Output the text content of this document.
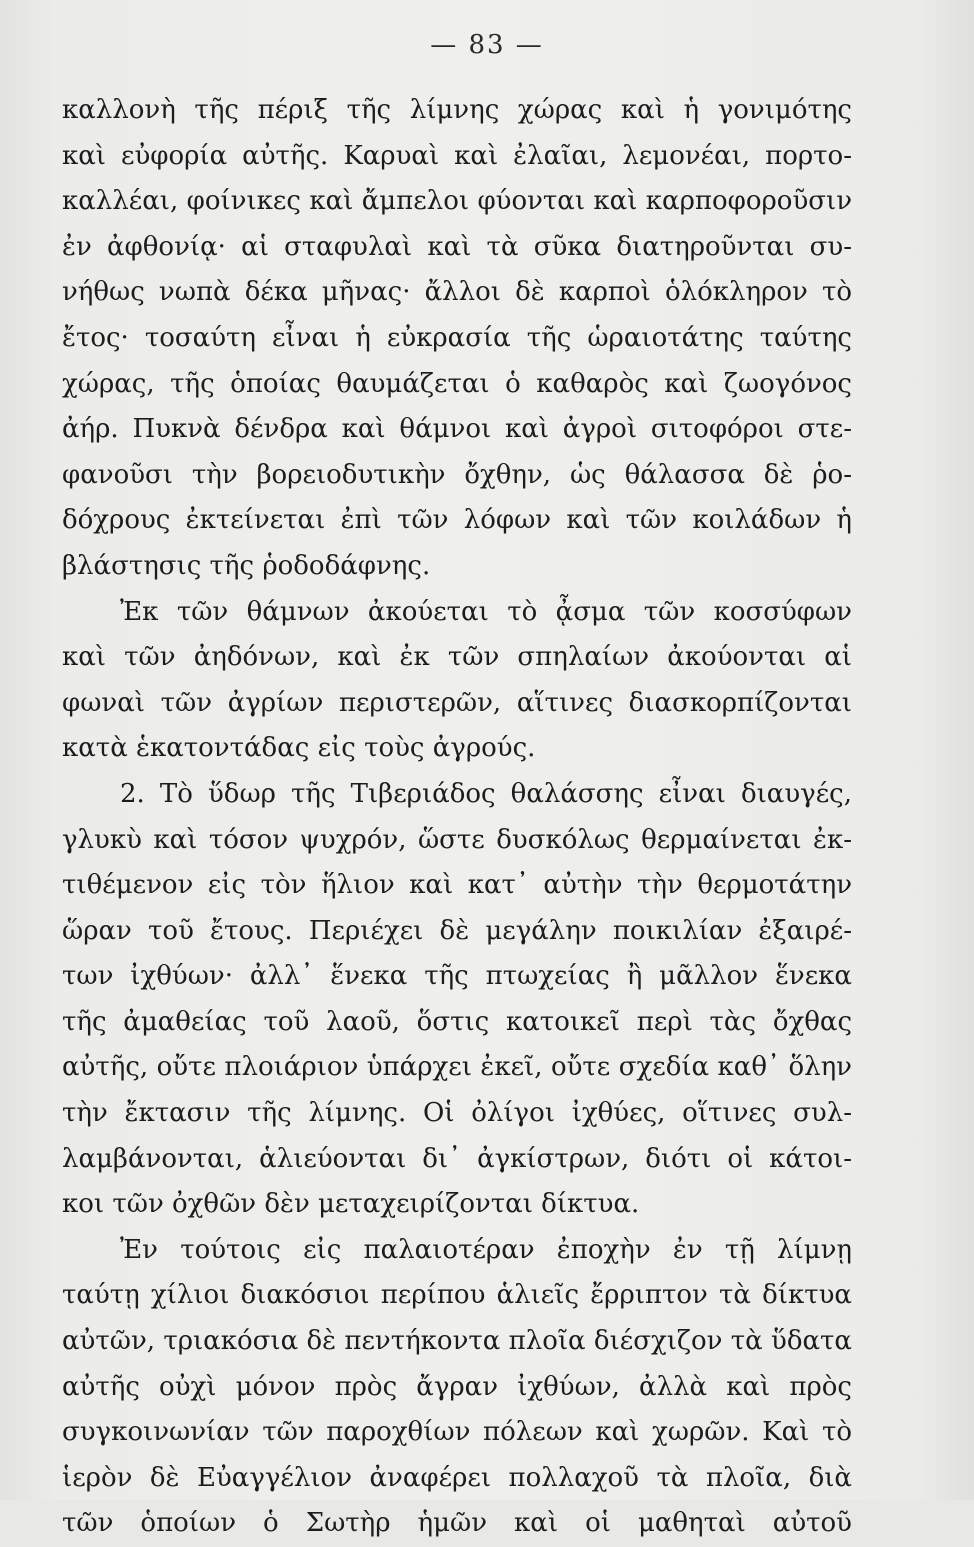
— 83 —
καλλονὴ τῆς πέριξ τῆς λίμνης χώρας καὶ ἡ γονιμότης
καὶ εὐφορία αὐτῆς. Καρυαὶ καὶ ἐλαῖαι, λεμονέαι, πορτο-
καλλέαι, φοίνικες καὶ ἄμπελοι φύονται καὶ καρποφοροῦσιν
ἐν ἀφθονίᾳ· αἱ σταφυλαὶ καὶ τὰ σῦκα διατηροῦνται συ-
νήθως νωπὰ δέκα μῆνας· ἄλλοι δὲ καρποὶ ὁλόκληρον τὸ
ἔτος· τοσαύτη εἶναι ἡ εὐκρασία τῆς ὡραιοτάτης ταύτης
χώρας, τῆς ὁποίας θαυμάζεται ὁ καθαρὸς καὶ ζωογόνος
ἀήρ. Πυκνὰ δένδρα καὶ θάμνοι καὶ ἀγροὶ σιτοφόροι στε-
φανοῦσι τὴν βορειοδυτικὴν ὄχθην, ὡς θάλασσα δὲ ῥο-
δόχρους ἐκτείνεται ἐπὶ τῶν λόφων καὶ τῶν κοιλάδων ἡ
βλάστησις τῆς ῥοδοδάφνης.
Ἐκ τῶν θάμνων ἀκούεται τὸ ᾆσμα τῶν κοσσύφων
καὶ τῶν ἀηδόνων, καὶ ἐκ τῶν σπηλαίων ἀκούονται αἱ
φωναὶ τῶν ἀγρίων περιστερῶν, αἵτινες διασκορπίζονται
κατὰ ἑκατοντάδας εἰς τοὺς ἀγρούς.
2. Τὸ ὕδωρ τῆς Τιβεριάδος θαλάσσης εἶναι διαυγές,
γλυκὺ καὶ τόσον ψυχρόν, ὥστε δυσκόλως θερμαίνεται ἐκ-
τιθέμενον εἰς τὸν ἥλιον καὶ κατ᾽ αὐτὴν τὴν θερμοτάτην
ὥραν τοῦ ἔτους. Περιέχει δὲ μεγάλην ποικιλίαν ἐξαιρέ-
των ἰχθύων· ἀλλ᾽ ἕνεκα τῆς πτωχείας ἢ μᾶλλον ἕνεκα
τῆς ἀμαθείας τοῦ λαοῦ, ὅστις κατοικεῖ περὶ τὰς ὄχθας
αὐτῆς, οὔτε πλοιάριον ὑπάρχει ἐκεῖ, οὔτε σχεδία καθ᾽ ὅλην
τὴν ἔκτασιν τῆς λίμνης. Οἱ ὀλίγοι ἰχθύες, οἵτινες συλ-
λαμβάνονται, ἁλιεύονται δι᾽ ἀγκίστρων, διότι οἱ κάτοι-
κοι τῶν ὀχθῶν δὲν μεταχειρίζονται δίκτυα.
Ἐν τούτοις εἰς παλαιοτέραν ἐποχὴν ἐν τῇ λίμνῃ
ταύτῃ χίλιοι διακόσιοι περίπου ἁλιεῖς ἔρριπτον τὰ δίκτυα
αὐτῶν, τριακόσια δὲ πεντήκοντα πλοῖα διέσχιζον τὰ ὕδατα
αὐτῆς οὐχὶ μόνον πρὸς ἄγραν ἰχθύων, ἀλλὰ καὶ πρὸς
συγκοινωνίαν τῶν παροχθίων πόλεων καὶ χωρῶν. Καὶ τὸ
ἱερὸν δὲ Εὐαγγέλιον ἀναφέρει πολλαχοῦ τὰ πλοῖα, διὰ
τῶν ὁποίων ὁ Σωτὴρ ἡμῶν καὶ οἱ μαθηταὶ αὐτοῦ
